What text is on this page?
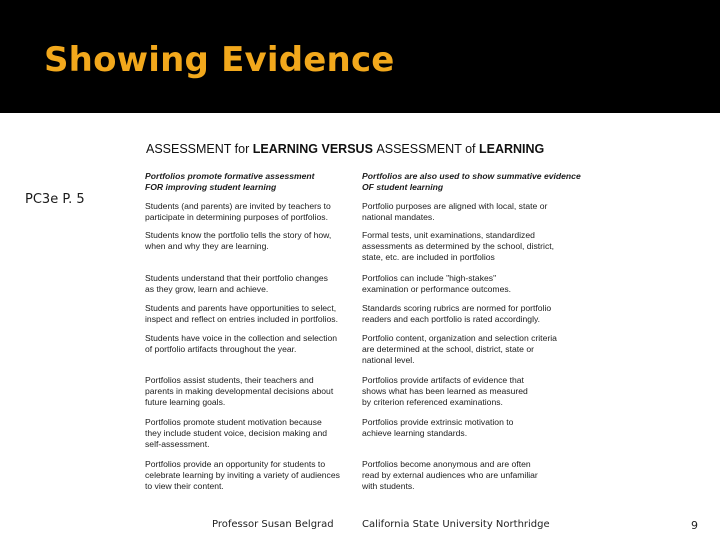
Showing Evidence
PC3e P. 5
ASSESSMENT for LEARNING VERSUS ASSESSMENT of LEARNING
Portfolios promote formative assessment
FOR improving student learning
Portfolios are also used to show summative evidence
OF student learning
Students (and parents) are invited by teachers to
participate in determining purposes of portfolios.
Portfolio purposes are aligned with local, state or
national mandates.
Students know the portfolio tells the story of how,
when and why they are learning.
Formal tests, unit examinations, standardized
assessments as determined by the school, district,
state, etc. are included in portfolios
Students understand that their portfolio changes
as they grow, learn and achieve.
Portfolios can include "high-stakes"
examination or performance outcomes.
Students and parents have opportunities to select,
inspect and reflect on entries included in portfolios.
Standards scoring rubrics are normed for portfolio
readers and each portfolio is rated accordingly.
Students have voice in the collection and selection
of portfolio artifacts throughout the year.
Portfolio content, organization and selection criteria
are determined at the school, district, state or
national level.
Portfolios assist students, their teachers and
parents in making developmental decisions about
future learning goals.
Portfolios provide artifacts of evidence that
shows what has been learned as measured
by criterion referenced examinations.
Portfolios promote student motivation because
they include student voice, decision making and
self-assessment.
Portfolios provide extrinsic motivation to
achieve learning standards.
Portfolios provide an opportunity for students to
celebrate learning by inviting a variety of audiences
to view their content.
Portfolios become anonymous and are often
read by external audiences who are unfamiliar
with students.
Professor Susan Belgrad	California State University Northridge	9
